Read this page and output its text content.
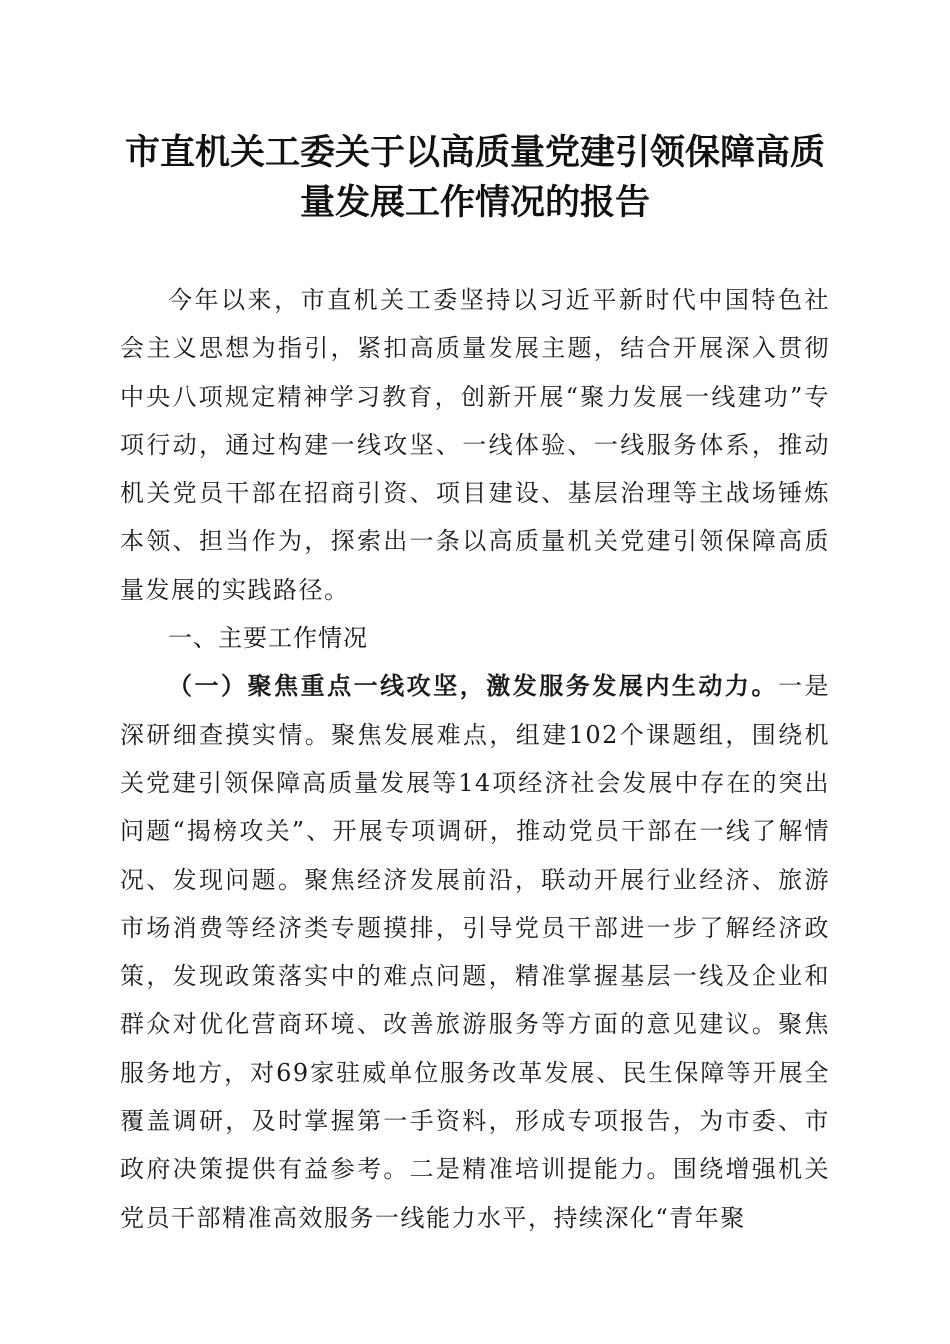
市直机关工委关于以高质量党建引领保障高质
量发展工作情况的报告

今年以来，市直机关工委坚持以习近平新时代中国特色社会主义思想为指引，紧扣高质量发展主题，结合开展深入贯彻中央八项规定精神学习教育，创新开展“聚力发展一线建功”专项行动，通过构建一线攻坚、一线体验、一线服务体系，推动机关党员干部在招商引资、项目建设、基层治理等主战场锤炼本领、担当作为，探索出一条以高质量机关党建引领保障高质量发展的实践路径。

一、主要工作情况

（一）聚焦重点一线攻坚，激发服务发展内生动力。一是深研细查摸实情。聚焦发展难点，组建102个课题组，围绕机关党建引领保障高质量发展等14项经济社会发展中存在的突出问题“揭榜攻关”、开展专项调研，推动党员干部在一线了解情况、发现问题。聚焦经济发展前沿，联动开展行业经济、旅游市场消费等经济类专题摸排，引导党员干部进一步了解经济政策，发现政策落实中的难点问题，精准掌握基层一线及企业和群众对优化营商环境、改善旅游服务等方面的意见建议。聚焦服务地方，对69家驻威单位服务改革发展、民生保障等开展全覆盖调研，及时掌握第一手资料，形成专项报告，为市委、市政府决策提供有益参考。二是精准培训提能力。围绕增强机关党员干部精准高效服务一线能力水平，持续深化“青年聚
